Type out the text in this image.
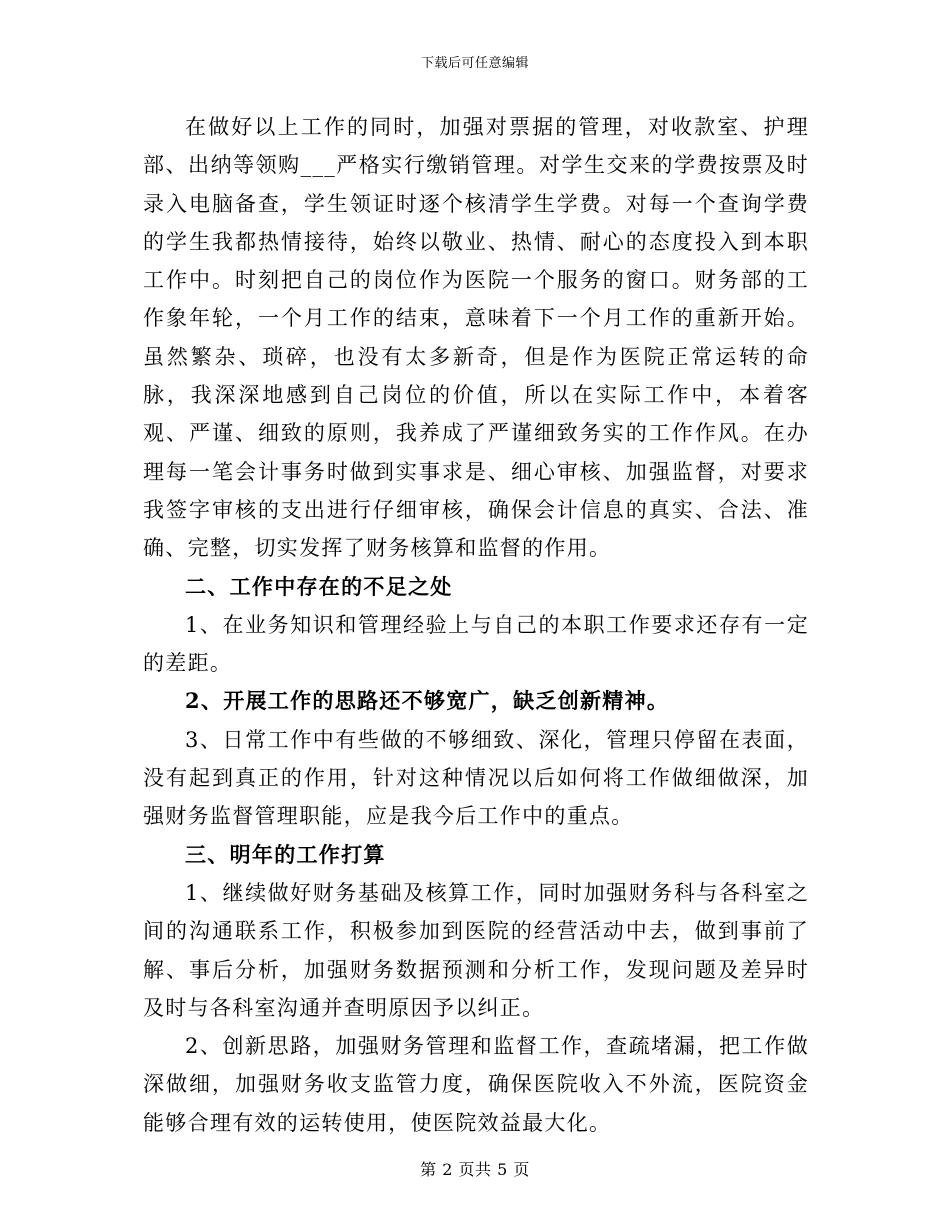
下载后可任意编辑

在做好以上工作的同时，加强对票据的管理，对收款室、护理部、出纳等领购___严格实行缴销管理。对学生交来的学费按票及时录入电脑备查，学生领证时逐个核清学生学费。对每一个查询学费的学生我都热情接待，始终以敬业、热情、耐心的态度投入到本职工作中。时刻把自己的岗位作为医院一个服务的窗口。财务部的工作象年轮，一个月工作的结束，意味着下一个月工作的重新开始。虽然繁杂、琐碎，也没有太多新奇，但是作为医院正常运转的命脉，我深深地感到自己岗位的价值，所以在实际工作中，本着客观、严谨、细致的原则，我养成了严谨细致务实的工作作风。在办理每一笔会计事务时做到实事求是、细心审核、加强监督，对要求我签字审核的支出进行仔细审核，确保会计信息的真实、合法、准确、完整，切实发挥了财务核算和监督的作用。

二、工作中存在的不足之处

1、在业务知识和管理经验上与自己的本职工作要求还存有一定的差距。

2、开展工作的思路还不够宽广，缺乏创新精神。

3、日常工作中有些做的不够细致、深化，管理只停留在表面，没有起到真正的作用，针对这种情况以后如何将工作做细做深，加强财务监督管理职能，应是我今后工作中的重点。

三、明年的工作打算

1、继续做好财务基础及核算工作，同时加强财务科与各科室之间的沟通联系工作，积极参加到医院的经营活动中去，做到事前了解、事后分析，加强财务数据预测和分析工作，发现问题及差异时及时与各科室沟通并查明原因予以纠正。

2、创新思路，加强财务管理和监督工作，查疏堵漏，把工作做深做细，加强财务收支监管力度，确保医院收入不外流，医院资金能够合理有效的运转使用，使医院效益最大化。

第 2 页共 5 页
